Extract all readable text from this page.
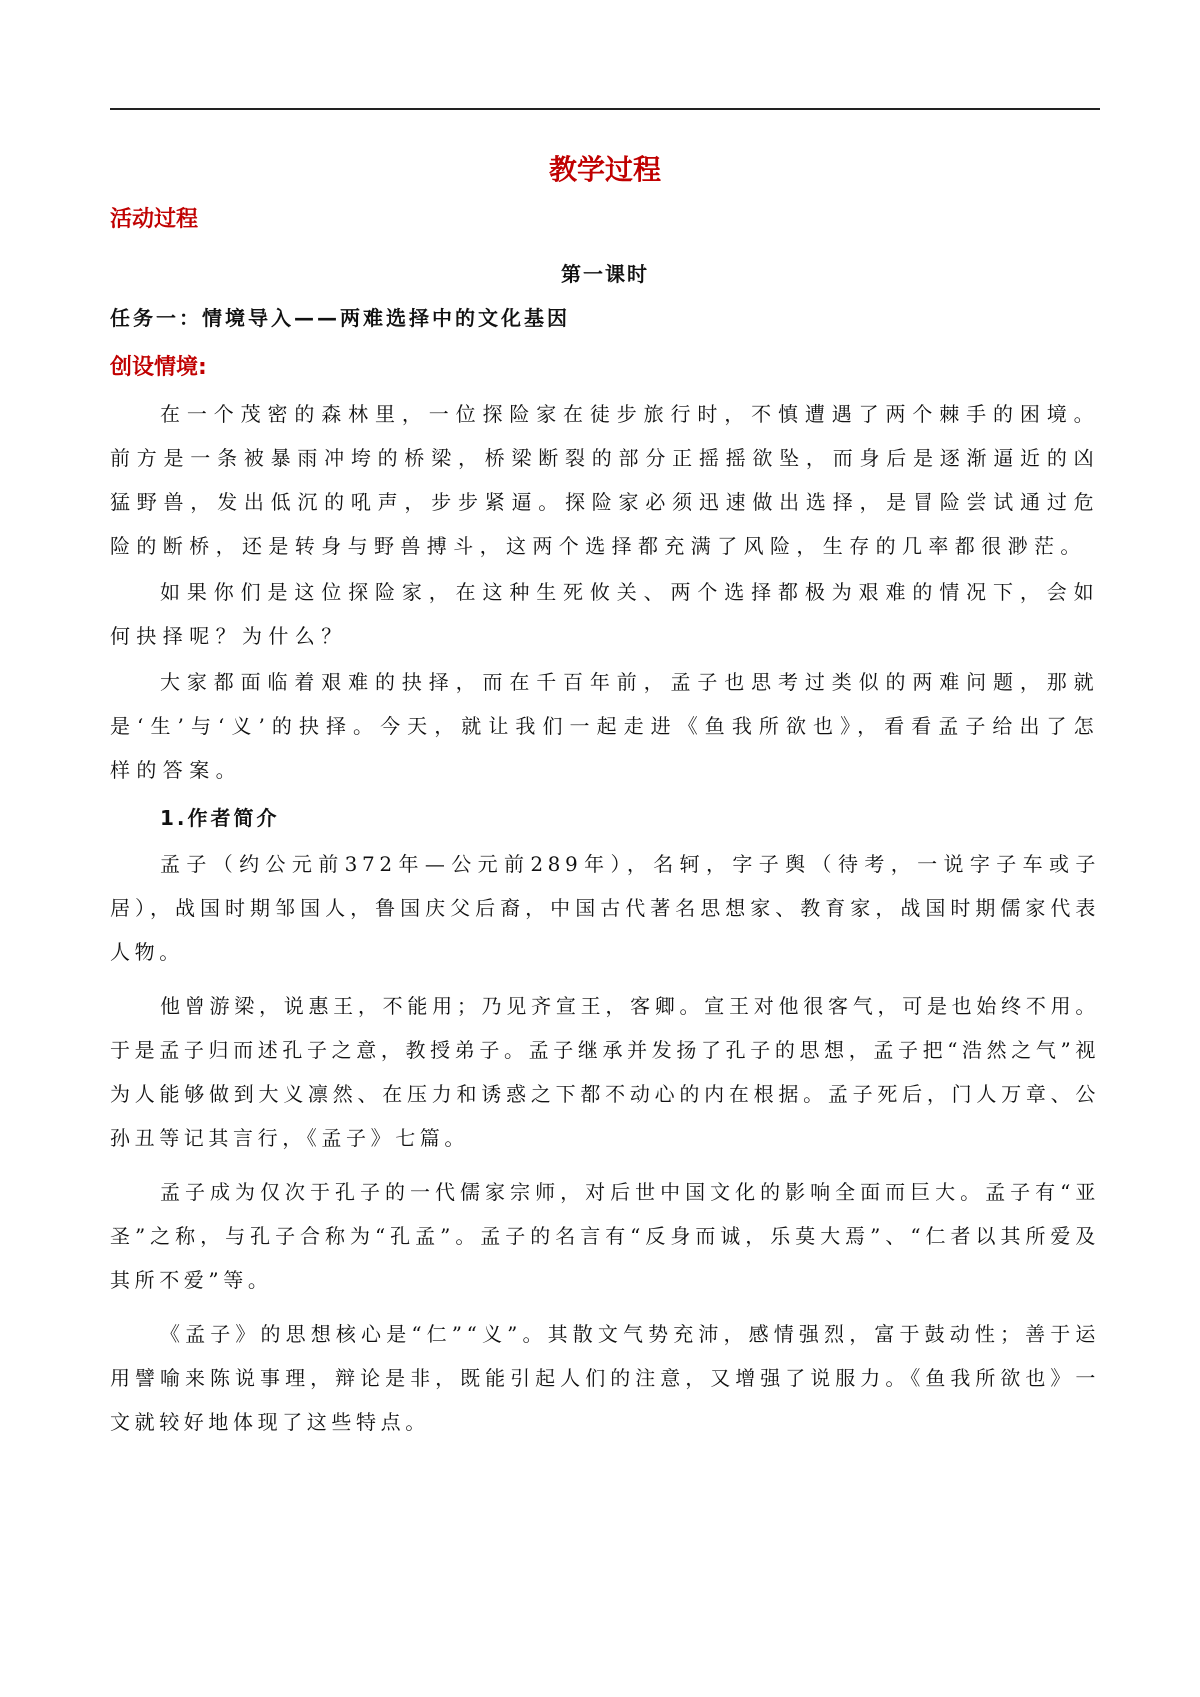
教学过程
活动过程
第一课时
任务一：情境导入——两难选择中的文化基因
创设情境:

在一个茂密的森林里，一位探险家在徒步旅行时，不慎遭遇了两个棘手的困境。前方是一条被暴雨冲垮的桥梁，桥梁断裂的部分正摇摇欲坠，而身后是逐渐逼近的凶猛野兽，发出低沉的吼声，步步紧逼。探险家必须迅速做出选择，是冒险尝试通过危险的断桥，还是转身与野兽搏斗，这两个选择都充满了风险，生存的几率都很渺茫。

如果你们是这位探险家，在这种生死攸关、两个选择都极为艰难的情况下，会如何抉择呢？为什么？

大家都面临着艰难的抉择，而在千百年前，孟子也思考过类似的两难问题，那就是‘生’与‘义’的抉择。今天，就让我们一起走进《鱼我所欲也》，看看孟子给出了怎样的答案。

1.作者简介

孟子（约公元前372年—公元前289年），名轲，字子舆（待考，一说字子车或子居），战国时期邹国人，鲁国庆父后裔，中国古代著名思想家、教育家，战国时期儒家代表人物。

他曾游梁，说惠王，不能用；乃见齐宣王，客卿。宣王对他很客气，可是也始终不用。于是孟子归而述孔子之意，教授弟子。孟子继承并发扬了孔子的思想，孟子把“浩然之气”视为人能够做到大义凛然、在压力和诱惑之下都不动心的内在根据。孟子死后，门人万章、公孙丑等记其言行，《孟子》七篇。

孟子成为仅次于孔子的一代儒家宗师，对后世中国文化的影响全面而巨大。孟子有“亚圣”之称，与孔子合称为“孔孟”。孟子的名言有“反身而诚，乐莫大焉”、“仁者以其所爱及其所不爱”等。

《孟子》的思想核心是“仁”“义”。其散文气势充沛，感情强烈，富于鼓动性；善于运用譬喻来陈说事理，辩论是非，既能引起人们的注意，又增强了说服力。《鱼我所欲也》一文就较好地体现了这些特点。
